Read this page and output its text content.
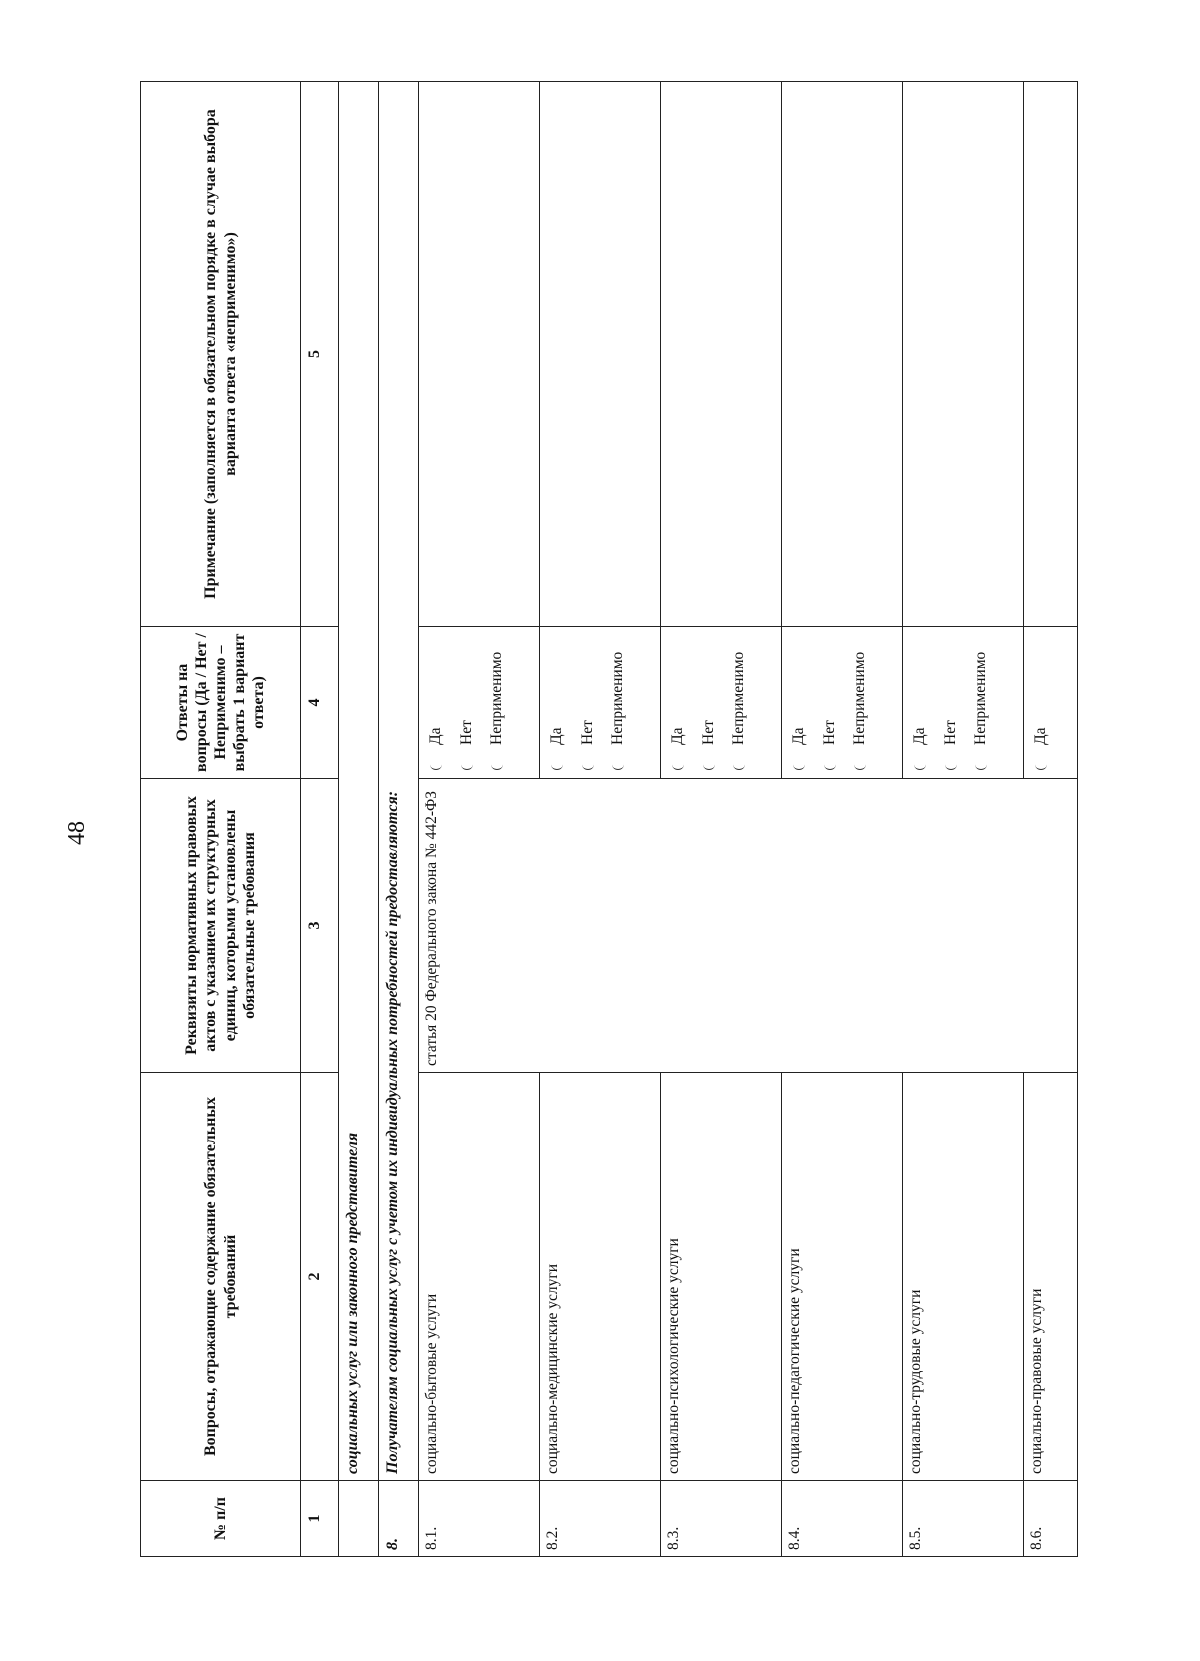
48
№ п/п	Вопросы, отражающие содержание обязательных требований	Реквизиты нормативных правовых актов с указанием их структурных единиц, которыми установлены обязательные требования	Ответы на вопросы (Да / Нет / Неприменимо – выбрать 1 вариант ответа)	Примечание (заполняется в обязательном порядке в случае выбора варианта ответа «неприменимо»)
1	2	3	4	5
	социальных услуг или законного представителя			
8.	Получателям социальных услуг с учетом их индивидуальных потребностей предоставляются:			
8.1.	социально-бытовые услуги	статья 20 Федерального закона № 442-ФЗ	Да Нет Неприменимо	

8.2.	социально-медицинские услуги		Да Нет Неприменимо	

8.3.	социально-психологические услуги		Да Нет Неприменимо	

8.4.	социально-педагогические услуги		Да Нет Неприменимо	

8.5.	социально-трудовые услуги		Да Нет Неприменимо	

8.6.	социально-правовые услуги		Да	
